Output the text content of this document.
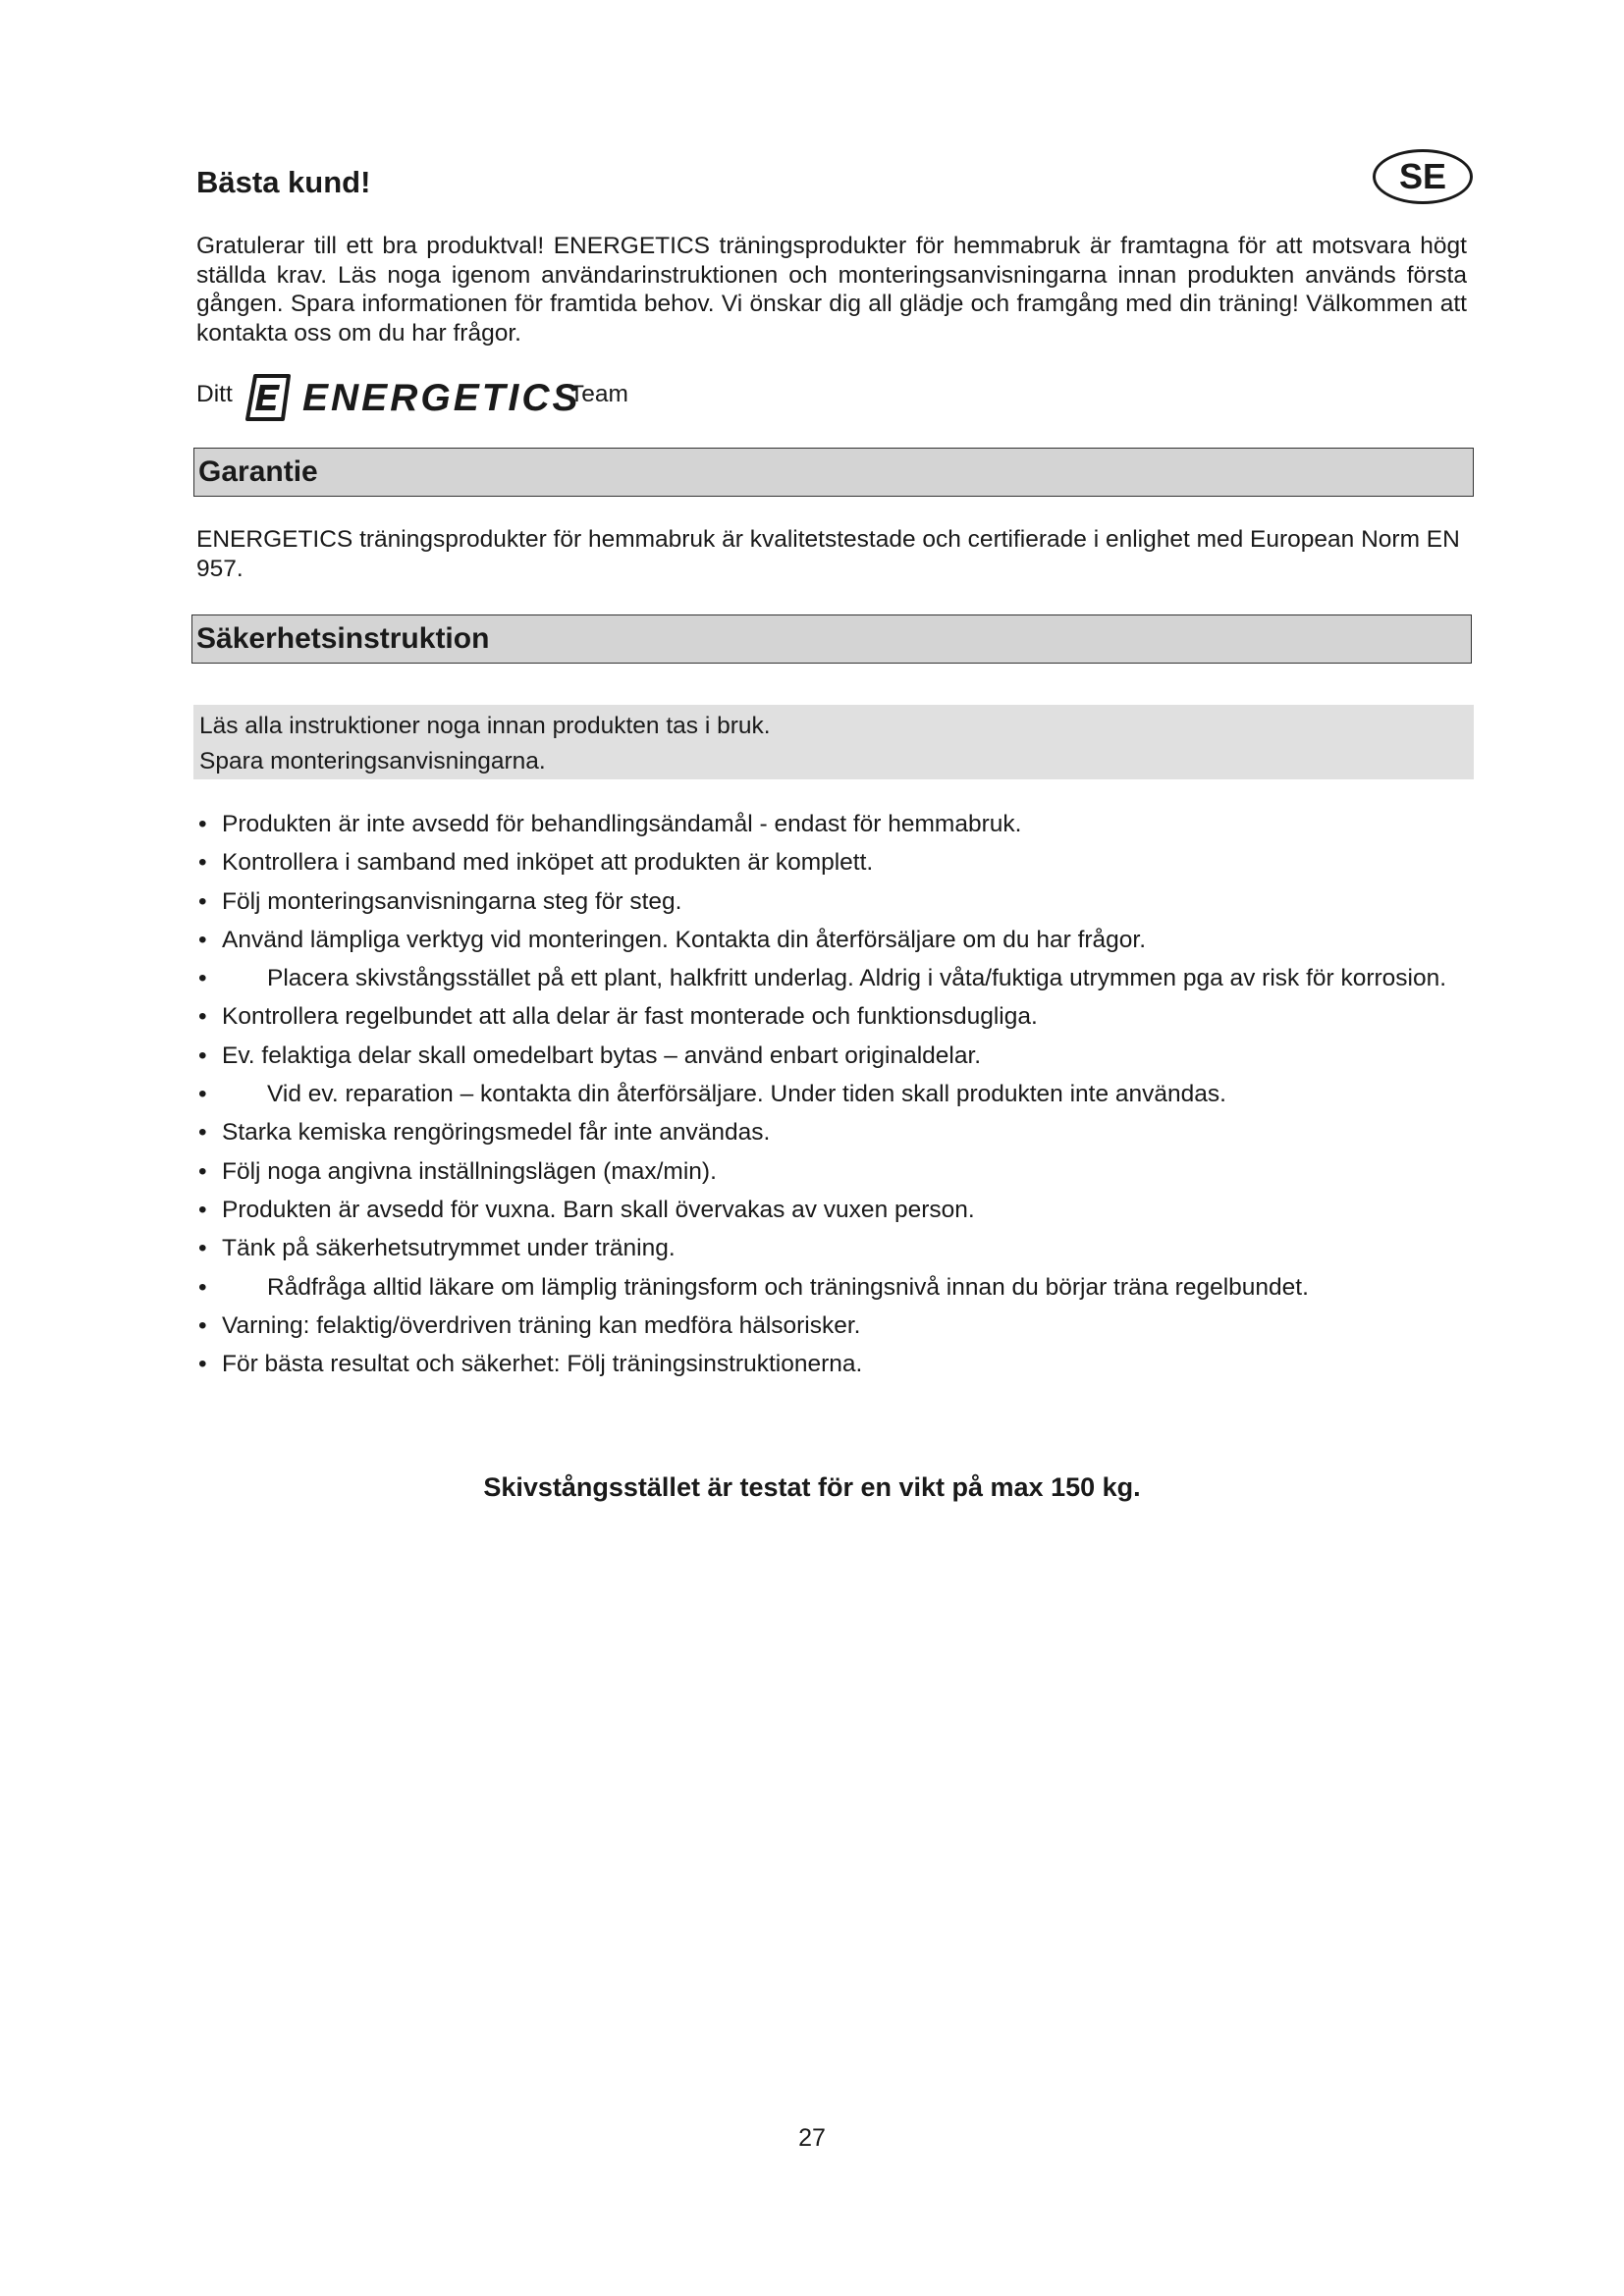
Bästa kund!	SE

Gratulerar till ett bra produktval! ENERGETICS träningsprodukter för hemmabruk är framtagna för att motsvara högt ställda krav. Läs noga igenom användarinstruktionen och monteringsanvisningarna innan produkten används första gången. Spara informationen för framtida behov. Vi önskar dig all glädje och framgång med din träning! Välkommen att kontakta oss om du har frågor.

Ditt ENERGETICS
Team
Garantie
ENERGETICS träningsprodukter för hemmabruk är kvalitetstestade och certifierade i enlighet med European Norm EN 957.
Säkerhetsinstruktion
Läs alla instruktioner noga innan produkten tas i bruk.
Spara monteringsanvisningarna.
• Produkten är inte avsedd för behandlingsändamål - endast för hemmabruk.
• Kontrollera i samband med inköpet att produkten är komplett.
• Följ monteringsanvisningarna steg för steg.
• Använd lämpliga verktyg vid monteringen. Kontakta din återförsäljare om du har frågor.
•	Placera skivstångsstället på ett plant, halkfritt underlag. Aldrig i våta/fuktiga utrymmen pga av risk för korrosion.
• Kontrollera regelbundet att alla delar är fast monterade och funktionsdugliga.
• Ev. felaktiga delar skall omedelbart bytas – använd enbart originaldelar.
•	Vid ev. reparation – kontakta din återförsäljare. Under tiden skall produkten inte användas.
• Starka kemiska rengöringsmedel får inte användas.
• Följ noga angivna inställningslägen (max/min).
• Produkten är avsedd för vuxna. Barn skall övervakas av vuxen person.
• Tänk på säkerhetsutrymmet under träning.
•	Rådfråga alltid läkare om lämplig träningsform och träningsnivå innan du börjar träna regelbundet.
• Varning: felaktig/överdriven träning kan medföra hälsorisker.
• För bästa resultat och säkerhet: Följ träningsinstruktionerna.
Skivstångsstället är testat för en vikt på max 150 kg.
27
